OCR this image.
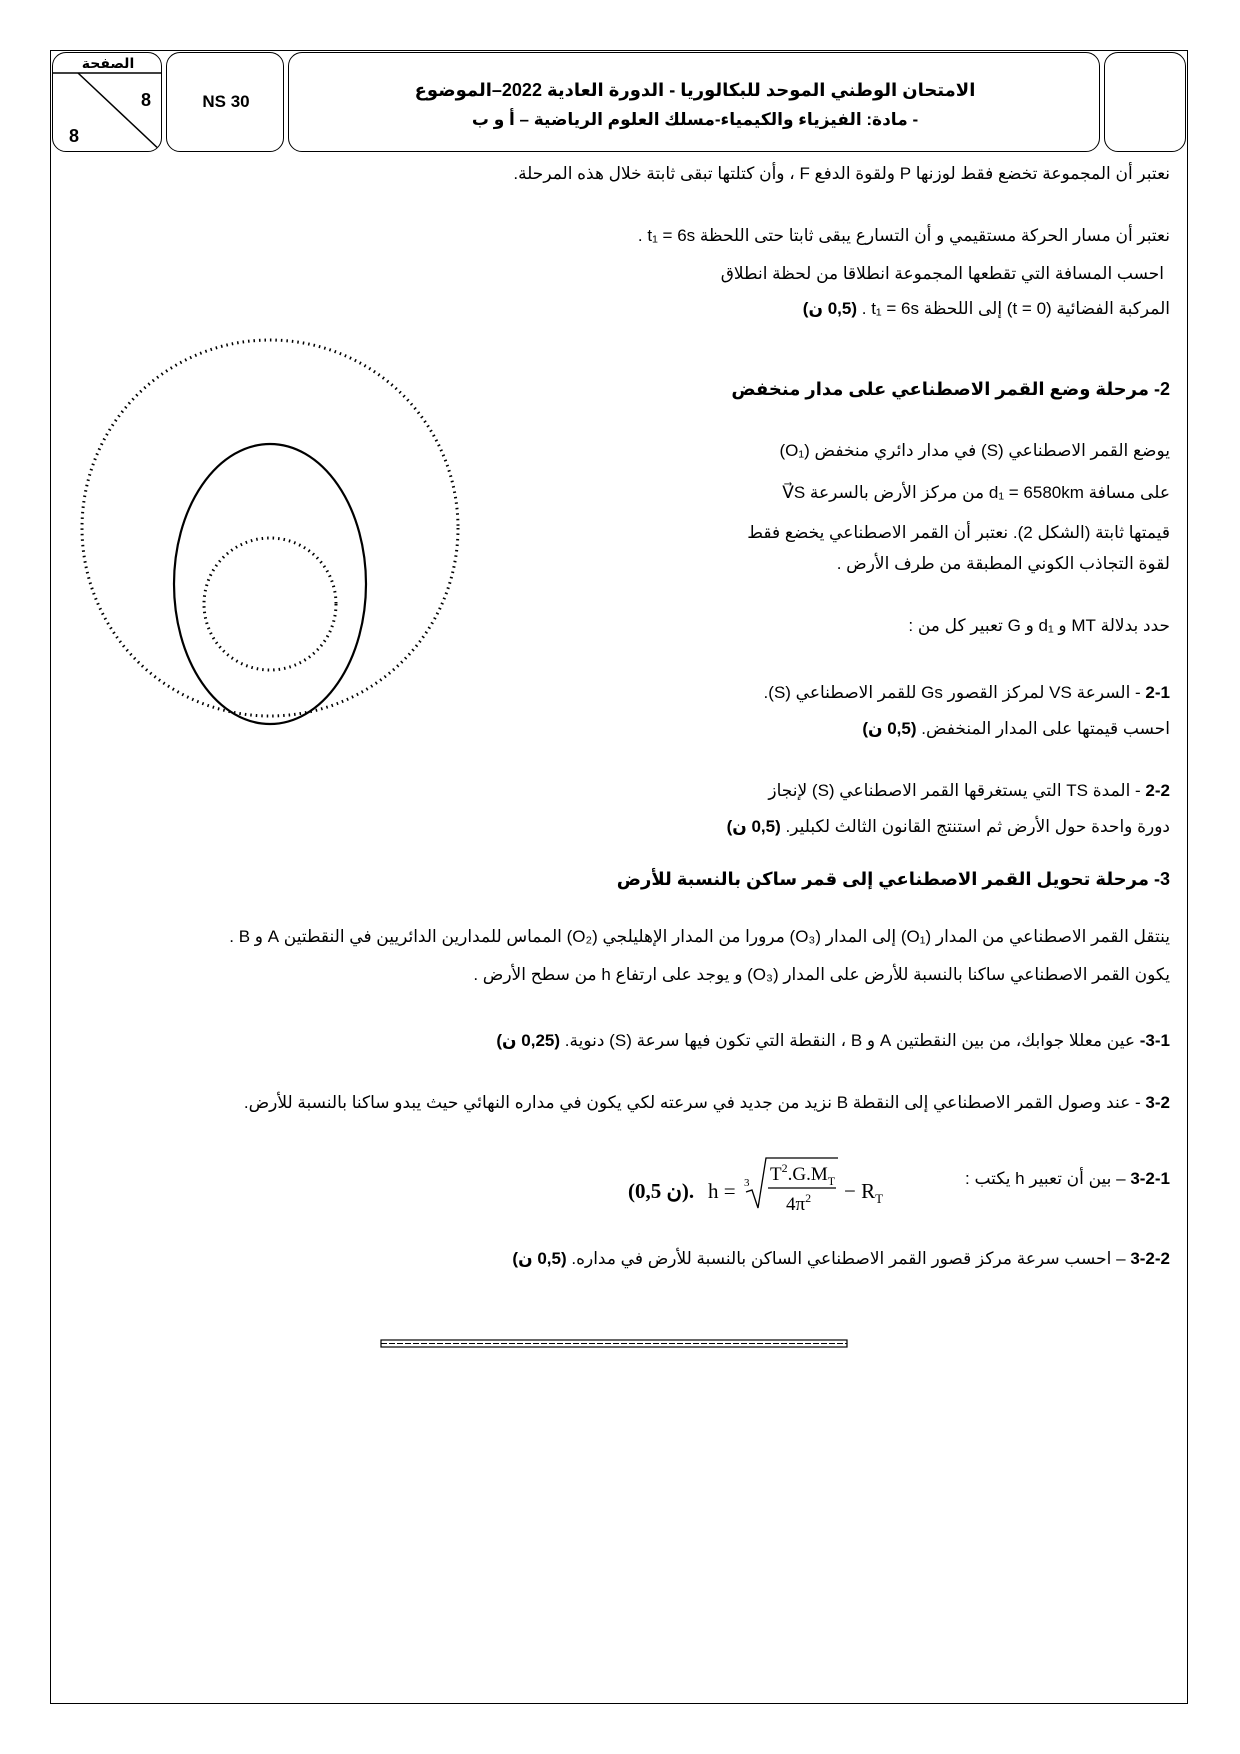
الصفحة
8
8
NS 30
الامتحان الوطني الموحد للبكالوريا - الدورة العادية 2022–الموضوع
- مادة: الفيزياء والكيمياء-مسلك العلوم الرياضية – أ و ب
نعتبر أن المجموعة تخضع فقط لوزنها P ولقوة الدفع F ، وأن كتلتها تبقى ثابتة خلال هذه المرحلة.
نعتبر أن مسار الحركة مستقيمي و أن التسارع يبقى ثابتا حتى اللحظة t₁ = 6s .
احسب المسافة التي تقطعها المجموعة انطلاقا من لحظة انطلاق
المركبة الفضائية (t = 0) إلى اللحظة t₁ = 6s . (0,5 ن)
2- مرحلة وضع القمر الاصطناعي على مدار منخفض
يوضع القمر الاصطناعي (S) في مدار دائري منخفض (O₁)
على مسافة d₁ = 6580km من مركز الأرض بالسرعة V⃗S
قيمتها ثابتة (الشكل 2). نعتبر أن القمر الاصطناعي يخضع فقط
لقوة التجاذب الكوني المطبقة من طرف الأرض .
حدد بدلالة MT و d₁ و G تعبير كل من :
2-1 - السرعة VS لمركز القصور Gs للقمر الاصطناعي (S).
احسب قيمتها على المدار المنخفض. (0,5 ن)
2-2 - المدة TS التي يستغرقها القمر الاصطناعي (S) لإنجاز
دورة واحدة حول الأرض ثم استنتج القانون الثالث لكبلير. (0,5 ن)
3- مرحلة تحويل القمر الاصطناعي إلى قمر ساكن بالنسبة للأرض
ينتقل القمر الاصطناعي من المدار (O₁) إلى المدار (O₃) مرورا من المدار الإهليلجي (O₂) المماس للمدارين الدائريين في النقطتين A و B .
يكون القمر الاصطناعي ساكنا بالنسبة للأرض على المدار (O₃) و يوجد على ارتفاع h من سطح الأرض .
3-1- عين معللا جوابك، من بين النقطتين A و B ، النقطة التي تكون فيها سرعة (S) دنوية. (0,25 ن)
3-2 - عند وصول القمر الاصطناعي إلى النقطة B نزيد من جديد في سرعته لكي يكون في مداره النهائي حيث يبدو ساكنا بالنسبة للأرض.
3-2-1 – بين أن تعبير h يكتب :
(0,5 ن). h = 3 $T^2.G.M_T$
$4\pi^2 - R_T$
3-2-2 – احسب سرعة مركز قصور القمر الاصطناعي الساكن بالنسبة للأرض في مداره. (0,5 ن)
